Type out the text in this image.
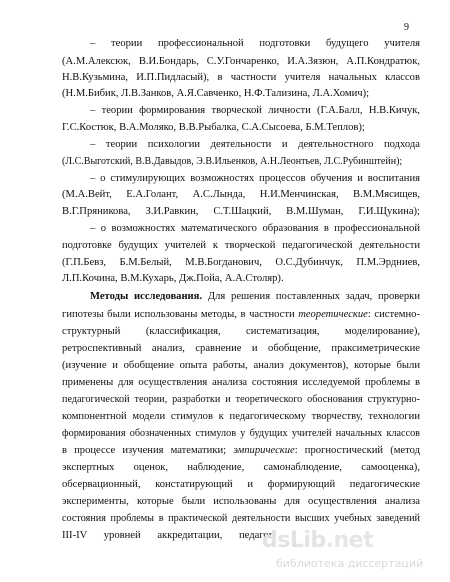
9
– теории профессиональной подготовки будущего учителя
(А.М.Алексюк, В.И.Бондарь, С.У.Гончаренко, И.А.Зязюн, А.П.Кондратюк,
Н.В.Кузьмина, И.П.Пидласый), в частности учителя начальных классов
(Н.М.Бибик, Л.В.Занков, А.Я.Савченко, Н.Ф.Тализина, Л.А.Хомич);
– теории формирования творческой личности (Г.А.Балл, Н.В.Кичук,
Г.С.Костюк, В.А.Моляко, В.В.Рыбалка, С.А.Сысоева, Б.М.Теплов);
– теории психологии деятельности и деятельностного подхода
(Л.С.Выготский, В.В.Давыдов, Э.В.Ильенков, А.Н.Леонтьев, Л.С.Рубинштейн);
– о стимулирующих возможностях процессов обучения и воспитания
(М.А.Вейт, Е.А.Голант, А.С.Лында, Н.И.Менчинская, В.М.Мясищев,
В.Г.Пряникова, З.И.Равкин, С.Т.Шацкий, В.М.Шуман, Г.И.Щукина);
– о возможностях математического образования в профессиональной
подготовке будущих учителей к творческой педагогической деятельности
(Г.П.Бевз, Б.М.Белый, М.В.Богданович, О.С.Дубинчук, П.М.Эрдниев,
Л.П.Кочина, В.М.Кухарь, Дж.Пойа, А.А.Столяр).
Методы исследования. Для решения поставленных задач, проверки
гипотезы были использованы методы, в частности теоретические: системно-
структурный (классификация, систематизация, моделирование),
ретроспективный анализ, сравнение и обобщение, праксиметрические
(изучение и обобщение опыта работы, анализ документов), которые были
применены для осуществления анализа состояния исследуемой проблемы в
педагогической теории, разработки и теоретического обоснования структурно-
компонентной модели стимулов к педагогическому творчеству, технологии
формирования обозначенных стимулов у будущих учителей начальных классов
в процессе изучения математики; эмпирические: прогностический (метод
экспертных оценок, наблюдение, самонаблюдение, самооценка),
обсервационный, констатирующий и формирующий педагогические
эксперименты, которые были использованы для осуществления анализа
состояния проблемы в практической деятельности высших учебных заведений
III-IV уровней аккредитации, педагог
dsLib.net
библиотека диссертаций
